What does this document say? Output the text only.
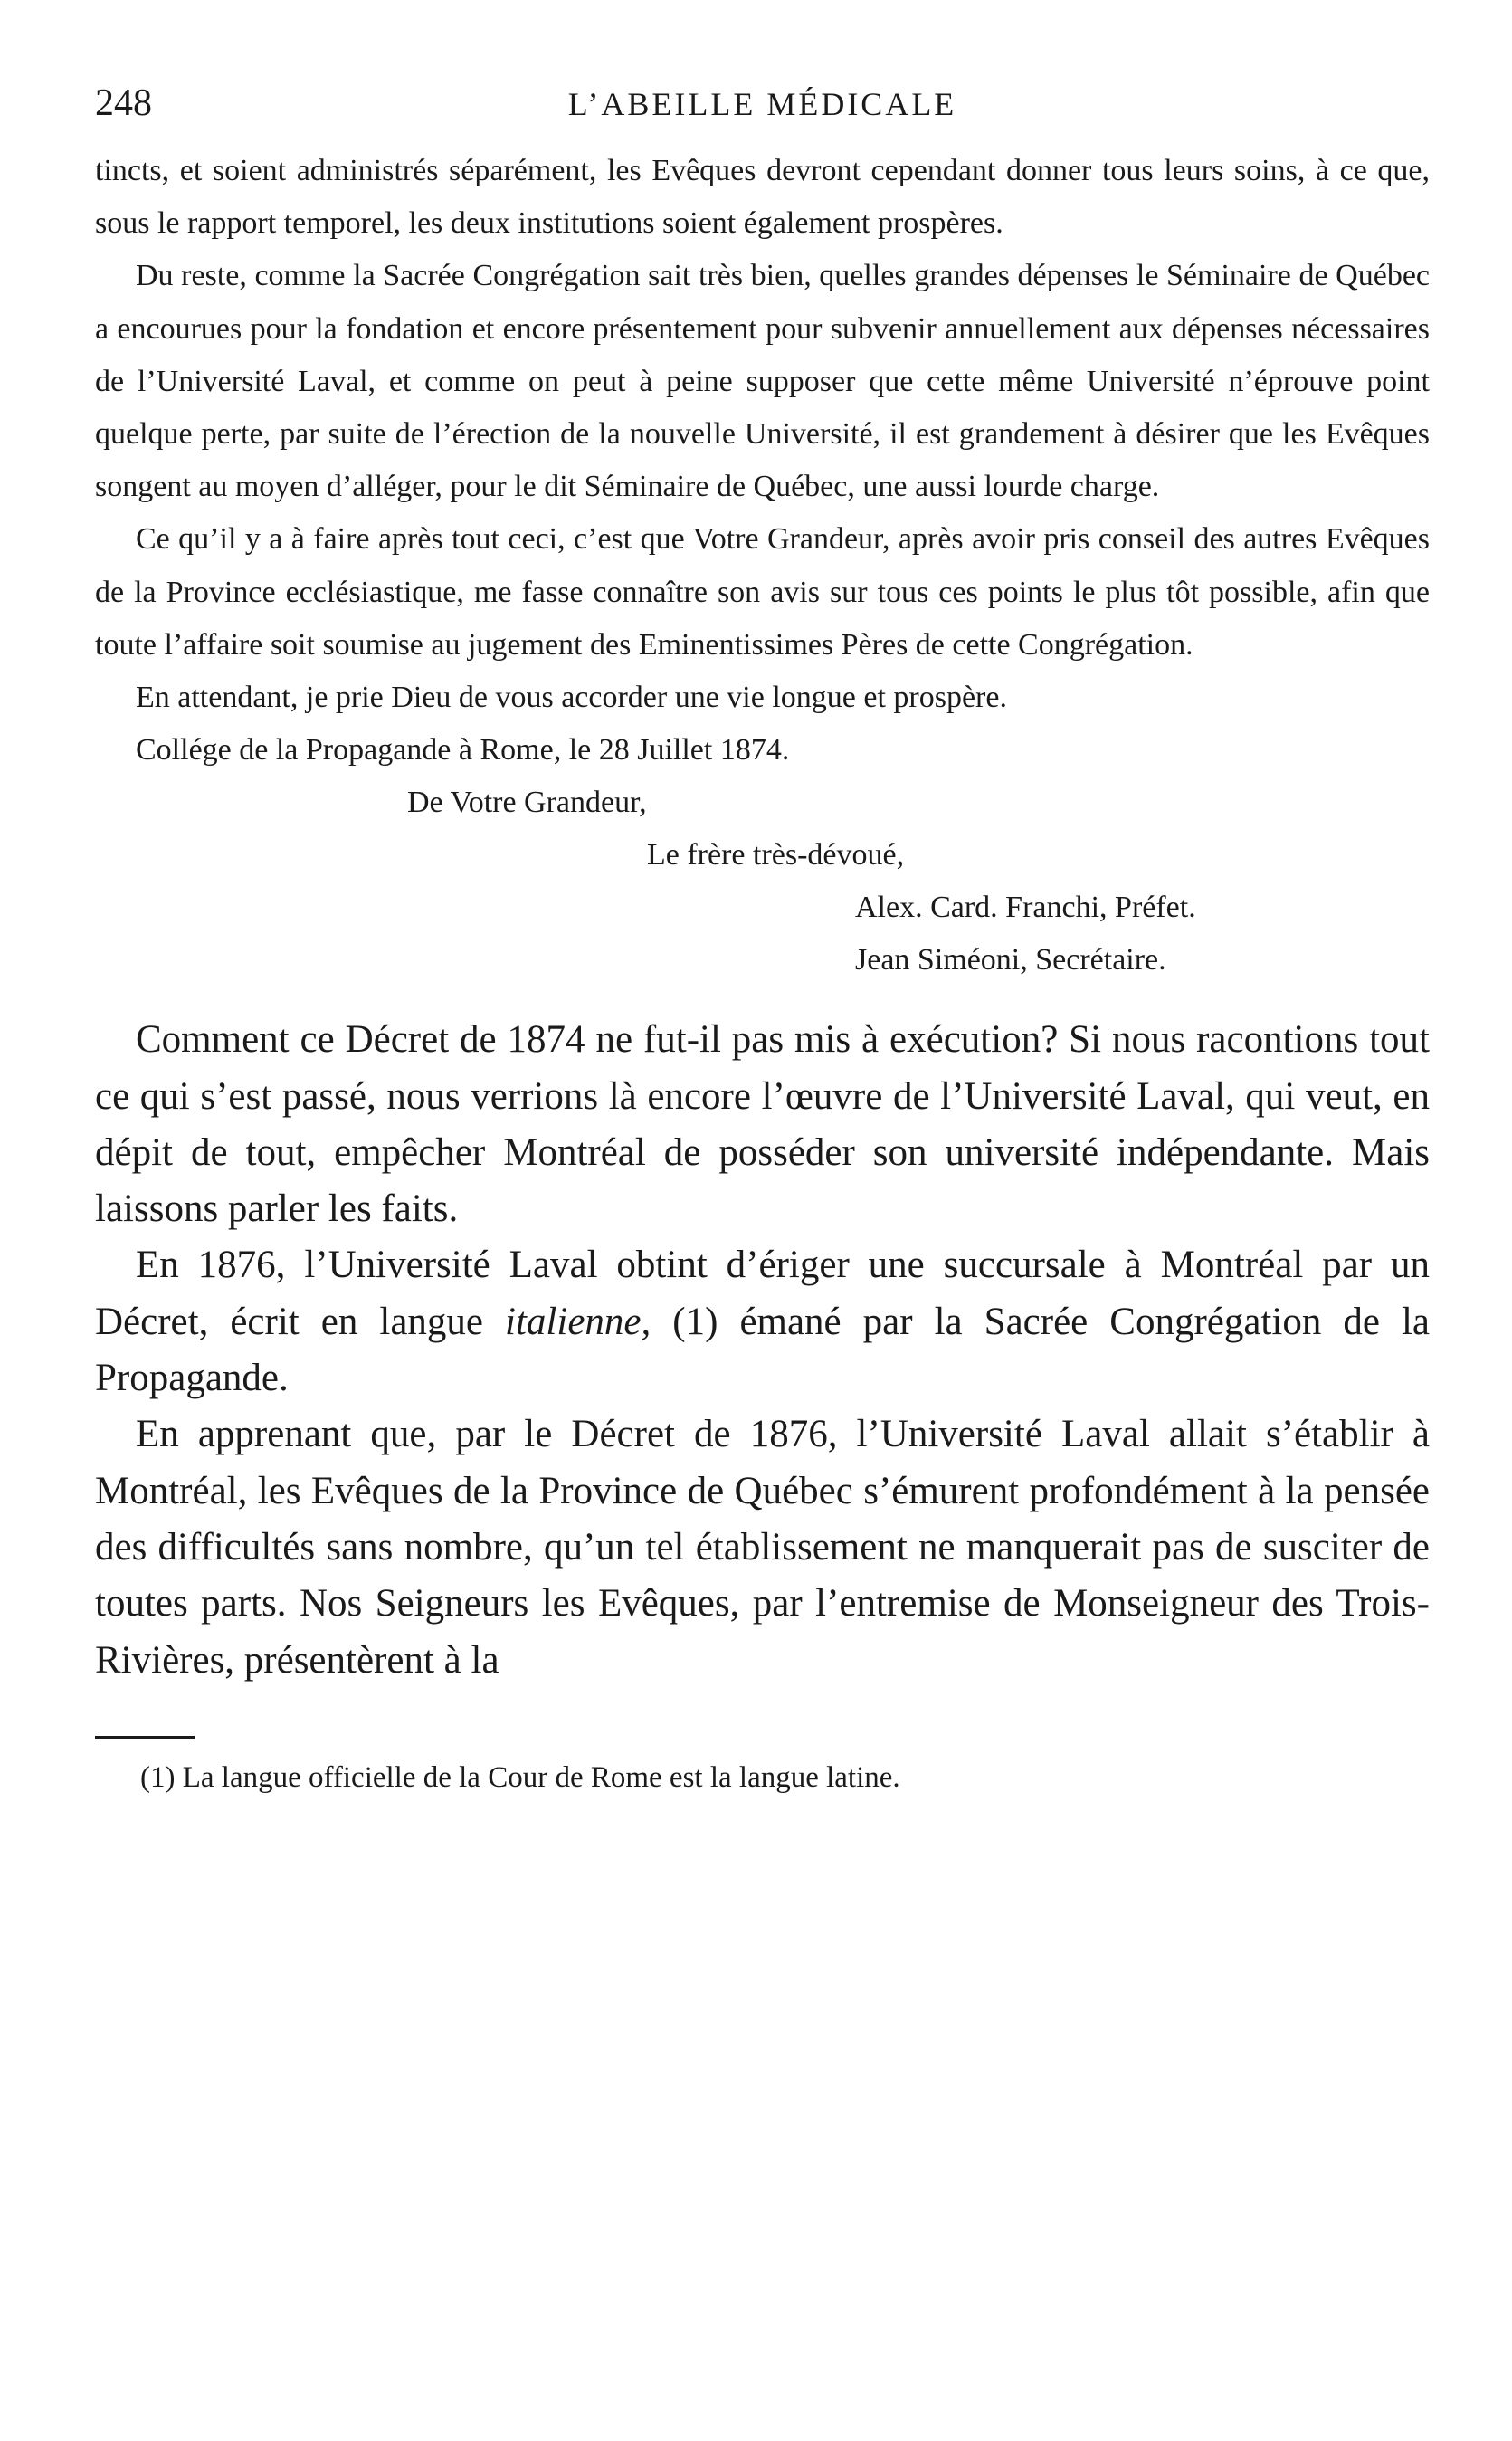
248	L’ABEILLE MÉDICALE

tincts, et soient administrés séparément, les Evêques devront cependant donner tous leurs soins, à ce que, sous le rapport temporel, les deux institutions soient également prospères.

Du reste, comme la Sacrée Congrégation sait très bien, quelles grandes dépenses le Séminaire de Québec a encourues pour la fondation et encore présentement pour subvenir annuellement aux dépenses nécessaires de l’Université Laval, et comme on peut à peine supposer que cette même Université n’éprouve point quelque perte, par suite de l’érection de la nouvelle Université, il est grandement à désirer que les Evêques songent au moyen d’alléger, pour le dit Séminaire de Québec, une aussi lourde charge.

Ce qu’il y a à faire après tout ceci, c’est que Votre Grandeur, après avoir pris conseil des autres Evêques de la Province ecclésiastique, me fasse connaître son avis sur tous ces points le plus tôt possible, afin que toute l’affaire soit soumise au jugement des Eminentissimes Pères de cette Congrégation.

En attendant, je prie Dieu de vous accorder une vie longue et prospère.

Collége de la Propagande à Rome, le 28 Juillet 1874.
De Votre Grandeur,
Le frère très-dévoué,
Alex. Card. Franchi, Préfet.
Jean Siméoni, Secrétaire.

Comment ce Décret de 1874 ne fut-il pas mis à exécution? Si nous racontions tout ce qui s’est passé, nous verrions là encore l’œuvre de l’Université Laval, qui veut, en dépit de tout, empêcher Montréal de posséder son université indépendante. Mais laissons parler les faits.

En 1876, l’Université Laval obtint d’ériger une succursale à Montréal par un Décret, écrit en langue italienne, (1) émané par la Sacrée Congrégation de la Propagande.

En apprenant que, par le Décret de 1876, l’Université Laval allait s’établir à Montréal, les Evêques de la Province de Québec s’émurent profondément à la pensée des difficultés sans nombre, qu’un tel établissement ne manquerait pas de susciter de toutes parts. Nos Seigneurs les Evêques, par l’entremise de Monseigneur des Trois-Rivières, présentèrent à la

(1) La langue officielle de la Cour de Rome est la langue latine.
